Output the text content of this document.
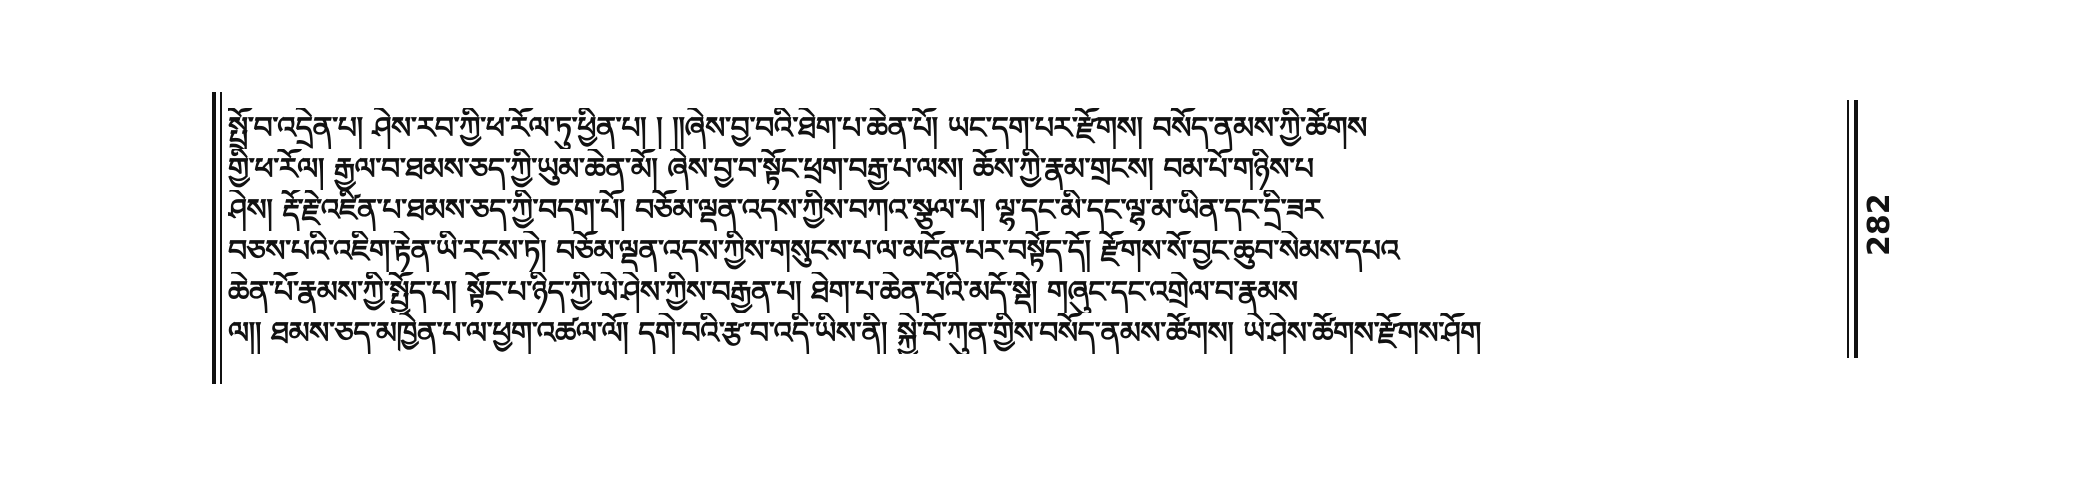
སྤྲོ་བ་འདྲེན་པ། ཤེས་རབ་ཀྱི་ཕ་རོལ་ཏུ་ཕྱིན་པ། ། །།ཞེས་བྱ་བའི་ཐེག་པ་ཆེན་པོ། ཡང་དག་པར་རྫོགས། བསོད་ནམས་ཀྱི་ཚོགས
གྱི་ཕ་རོལ། རྒྱལ་བ་ཐམས་ཅད་ཀྱི་ཡུམ་ཆེན་མོ། ཞེས་བྱ་བ་སྟོང་ཕྲག་བརྒྱ་པ་ལས། ཆོས་ཀྱི་རྣམ་གྲངས། བམ་པོ་གཉིས་པ
ཤེས། རྡོ་རྗེ་འཛིན་པ་ཐམས་ཅད་ཀྱི་བདག་པོ། བཅོམ་ལྡན་འདས་ཀྱིས་བཀའ་སྩལ་པ། ལྷ་དང་མི་དང་ལྷ་མ་ཡིན་དང་དྲི་ཟར
བཅས་པའི་འཇིག་རྟེན་ཡི་རངས་ཏེ། བཅོམ་ལྡན་འདས་ཀྱིས་གསུངས་པ་ལ་མངོན་པར་བསྟོད་དོ། རྫོགས་སོ་བྱང་ཆུབ་སེམས་དཔའ
ཆེན་པོ་རྣམས་ཀྱི་སྤྱོད་པ། སྟོང་པ་ཉིད་ཀྱི་ཡེ་ཤེས་ཀྱིས་བརྒྱན་པ། ཐེག་པ་ཆེན་པོའི་མདོ་སྡེ། གཞུང་དང་འགྲེལ་བ་རྣམས
ལ།། ཐམས་ཅད་མཁྱེན་པ་ལ་ཕྱག་འཚལ་ལོ། དགེ་བའི་རྩ་བ་འདི་ཡིས་ནི། སྐྱེ་བོ་ཀུན་གྱིས་བསོད་ནམས་ཚོགས། ཡེ་ཤེས་ཚོགས་རྫོགས་ཤོག
282
